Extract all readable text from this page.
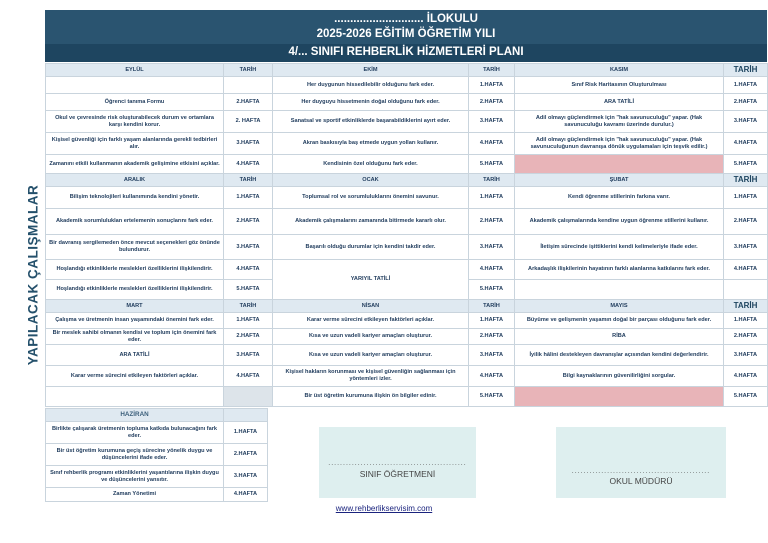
............................ İLOKULU
2025-2026 EĞİTİM ÖĞRETİM YILI
4/... SINIFI REHBERLİK HİZMETLERİ PLANI
YAPILACAK ÇALIŞMALAR
EYLÜL	TARİH	EKİM	TARİH	KASIM	TARİH
		Her duygunun hissedilebilir olduğunu fark eder.	1.HAFTA	Sınıf Risk Haritasının Oluşturulması	1.HAFTA
Öğrenci tanıma Formu	2.HAFTA	Her duyguyu hissetmenin doğal olduğunu fark eder.	2.HAFTA	ARA TATİLİ	2.HAFTA
Okul ve çevresinde risk oluşturabilecek durum ve ortamlara karşı kendini korur.	2. HAFTA	Sanatsal ve sportif etkinliklerde başarabildiklerini ayırt eder.	3.HAFTA	Adil olmayı güçlendirmek için "hak savunuculuğu" yapar. (Hak savunuculuğu kavramı üzerinde durulur.)	3.HAFTA
Kişisel güvenliği için farklı yaşam alanlarında gerekli tedbirleri alır.	3.HAFTA	Akran baskısıyla baş etmede uygun yolları kullanır.	4.HAFTA	Adil olmayı güçlendirmek için "hak savunuculuğu" yapar. (Hak savunuculuğunun davranışa dönük uygulamaları için teşvik edilir.)	4.HAFTA
Zamanını etkili kullanmanın akademik gelişimine etkisini açıklar.	4.HAFTA	Kendisinin özel olduğunu fark eder.	5.HAFTA		5.HAFTA
ARALIK	TARİH	OCAK	TARİH	ŞUBAT	TARİH
Bilişim teknolojileri kullanımında kendini yönetir.	1.HAFTA	Toplumsal rol ve sorumluluklarını önemini savunur.	1.HAFTA	Kendi öğrenme stillerinin farkına varır.	1.HAFTA
Akademik sorumluluklan ertelemenin sonuçlarını fark eder.	2.HAFTA	Akademik çalışmalarını zamanında bitirmede kararlı olur.	2.HAFTA	Akademik çalışmalarında kendine uygun öğrenme stillerini kullanır.	2.HAFTA
Bir davranış sergilemeden önce mevcut seçenekleri göz önünde bulundurur.	3.HAFTA	Başarılı olduğu durumlar için kendini takdir eder.	3.HAFTA	İletişim sürecinde işittiklerini kendi kelimeleriyle ifade eder.	3.HAFTA
Hoşlandığı etkinliklerle meslekleri özelliklerini ilişkilendirir.	4.HAFTA	YARIYIL TATİLİ	4.HAFTA	Arkadaşlık ilişkilerinin hayatının farklı alanlarına katkılarını fark eder.	4.HAFTA
Hoşlandığı etkinliklerle meslekleri özelliklerini ilişkilendirir.	5.HAFTA		5.HAFTA		
MART	TARİH	NİSAN	TARİH	MAYIS	TARİH
Çalışma ve üretmenin insan yaşamındaki önemini fark eder.	1.HAFTA	Karar verme sürecini etkileyen faktörleri açıklar.	1.HAFTA	Büyüme ve gelişmenin yaşamın doğal bir parçası olduğunu fark eder.	1.HAFTA
Bir meslek sahibi olmanın kendisi ve toplum için önemini fark eder.	2.HAFTA	Kısa ve uzun vadeli kariyer amaçları oluşturur.	2.HAFTA	RİBA	2.HAFTA
ARA TATİLİ	3.HAFTA	Kısa ve uzun vadeli kariyer amaçları oluşturur.	3.HAFTA	İyilik hâlini destekleyen davranışlar açısından kendini değerlendirir.	3.HAFTA
Karar verme sürecini etkileyen faktörleri açıklar.	4.HAFTA	Kişisel hakların korunması ve kişisel güvenliğin sağlanması için yöntemleri izler.	4.HAFTA	Bilgi kaynaklarının güvenilirliğini sorgular.	4.HAFTA
		Bir üst öğretim kurumuna ilişkin ön bilgiler edinir.	5.HAFTA		5.HAFTA
HAZİRAN	
Birlikte çalışarak üretmenin topluma katkıda bulunacağını fark eder.	1.HAFTA
Bir üst öğretim kurumuna geçiş sürecine yönelik duygu ve düşüncelerini ifade eder.	2.HAFTA
Sınıf rehberlik programı etkinliklerini yaşantılarına ilişkin duygu ve düşüncelerini yansıtır.	3.HAFTA
Zaman Yönetimi	4.HAFTA
...............................................
SINIF ÖĞRETMENİ	...............................................
OKUL MÜDÜRÜ
www.rehberlikservisim.com
